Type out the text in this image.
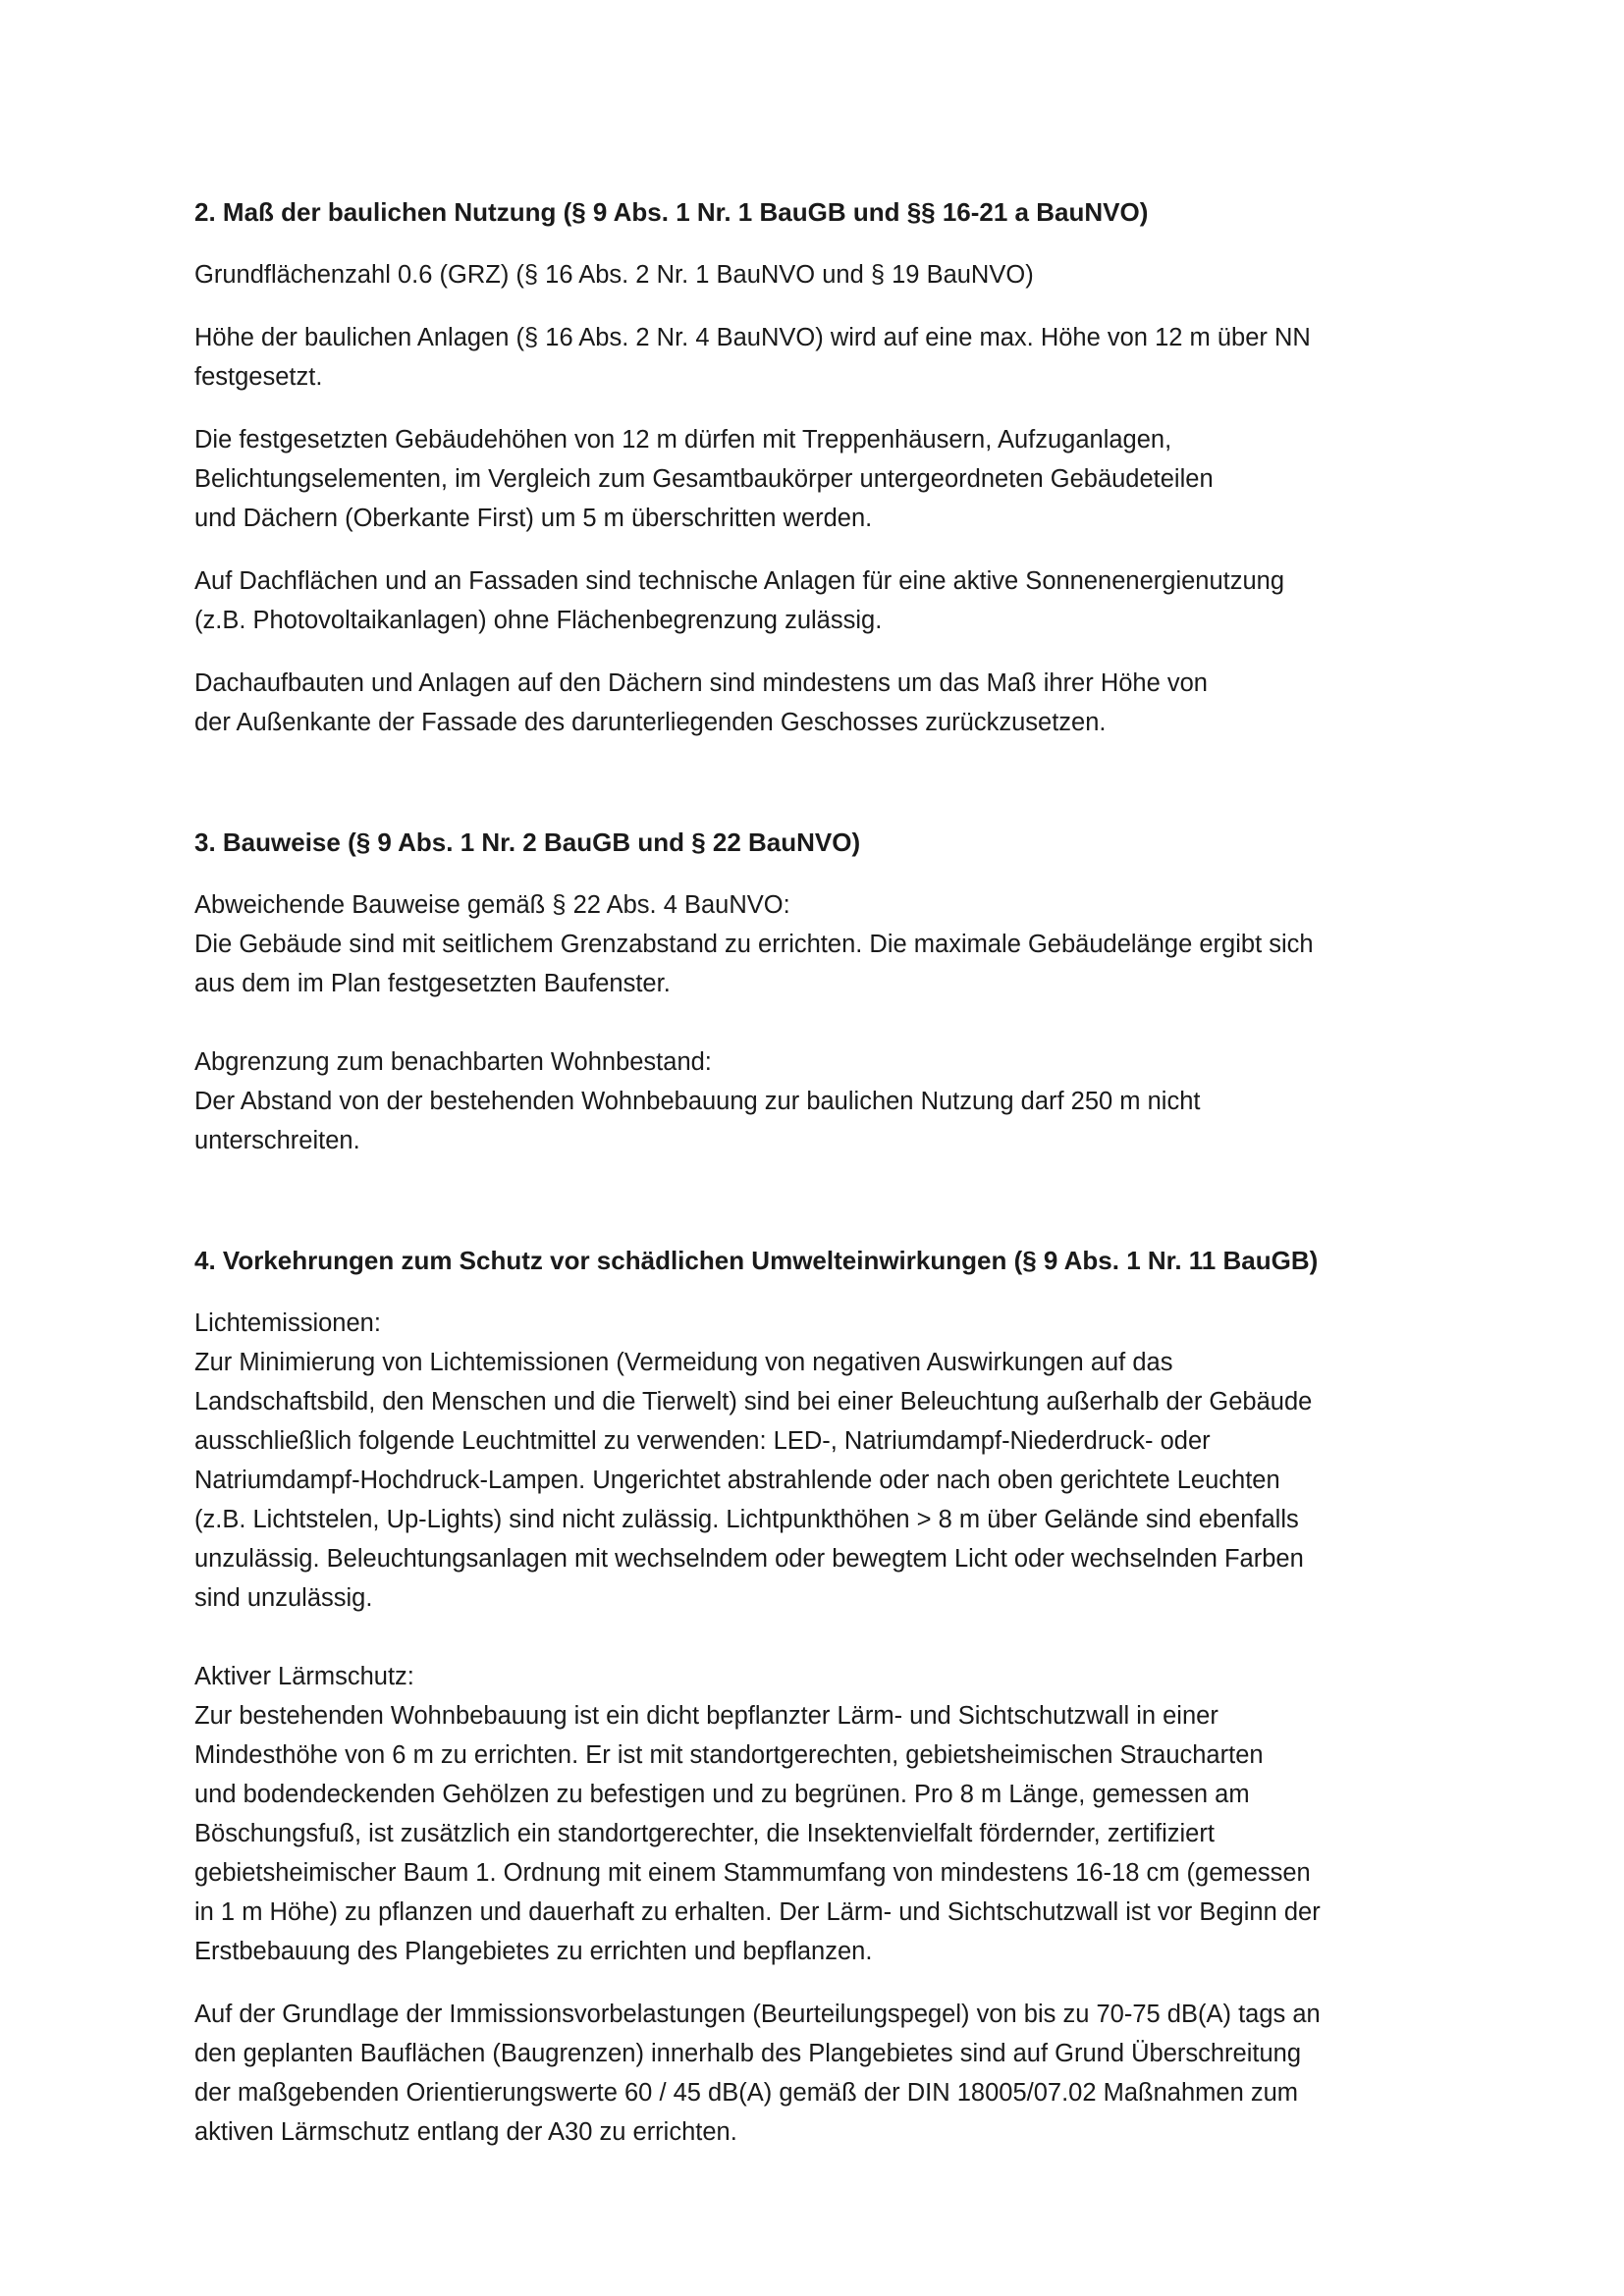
2. Maß der baulichen Nutzung (§ 9 Abs. 1 Nr. 1 BauGB und §§ 16-21 a BauNVO)

Grundflächenzahl 0.6 (GRZ) (§ 16 Abs. 2 Nr. 1 BauNVO und § 19 BauNVO)

Höhe der baulichen Anlagen (§ 16 Abs. 2 Nr. 4 BauNVO) wird auf eine max. Höhe von 12 m über NN
festgesetzt.

Die festgesetzten Gebäudehöhen von 12 m dürfen mit Treppenhäusern, Aufzuganlagen,
Belichtungselementen, im Vergleich zum Gesamtbaukörper untergeordneten Gebäudeteilen
und Dächern (Oberkante First) um 5 m überschritten werden.

Auf Dachflächen und an Fassaden sind technische Anlagen für eine aktive Sonnenenergienutzung
(z.B. Photovoltaikanlagen) ohne Flächenbegrenzung zulässig.

Dachaufbauten und Anlagen auf den Dächern sind mindestens um das Maß ihrer Höhe von
der Außenkante der Fassade des darunterliegenden Geschosses zurückzusetzen.

3. Bauweise (§ 9 Abs. 1 Nr. 2 BauGB und § 22 BauNVO)

Abweichende Bauweise gemäß § 22 Abs. 4 BauNVO:
Die Gebäude sind mit seitlichem Grenzabstand zu errichten. Die maximale Gebäudelänge ergibt sich
aus dem im Plan festgesetzten Baufenster.

Abgrenzung zum benachbarten Wohnbestand:
Der Abstand von der bestehenden Wohnbebauung zur baulichen Nutzung darf 250 m nicht
unterschreiten.

4. Vorkehrungen zum Schutz vor schädlichen Umwelteinwirkungen (§ 9 Abs. 1 Nr. 11 BauGB)

Lichtemissionen:
Zur Minimierung von Lichtemissionen (Vermeidung von negativen Auswirkungen auf das
Landschaftsbild, den Menschen und die Tierwelt) sind bei einer Beleuchtung außerhalb der Gebäude
ausschließlich folgende Leuchtmittel zu verwenden: LED-, Natriumdampf-Niederdruck- oder
Natriumdampf-Hochdruck-Lampen. Ungerichtet abstrahlende oder nach oben gerichtete Leuchten
(z.B. Lichtstelen, Up-Lights) sind nicht zulässig. Lichtpunkthöhen > 8 m über Gelände sind ebenfalls
unzulässig. Beleuchtungsanlagen mit wechselndem oder bewegtem Licht oder wechselnden Farben
sind unzulässig.

Aktiver Lärmschutz:
Zur bestehenden Wohnbebauung ist ein dicht bepflanzter Lärm- und Sichtschutzwall in einer
Mindesthöhe von 6 m zu errichten. Er ist mit standortgerechten, gebietsheimischen Straucharten
und bodendeckenden Gehölzen zu befestigen und zu begrünen. Pro 8 m Länge, gemessen am
Böschungsfuß, ist zusätzlich ein standortgerechter, die Insektenvielfalt fördernder, zertifiziert
gebietsheimischer Baum 1. Ordnung mit einem Stammumfang von mindestens 16-18 cm (gemessen
in 1 m Höhe) zu pflanzen und dauerhaft zu erhalten. Der Lärm- und Sichtschutzwall ist vor Beginn der
Erstbebauung des Plangebietes zu errichten und bepflanzen.

Auf der Grundlage der Immissionsvorbelastungen (Beurteilungspegel) von bis zu 70-75 dB(A) tags an
den geplanten Bauflächen (Baugrenzen) innerhalb des Plangebietes sind auf Grund Überschreitung
der maßgebenden Orientierungswerte 60 / 45 dB(A) gemäß der DIN 18005/07.02 Maßnahmen zum
aktiven Lärmschutz entlang der A30 zu errichten.
